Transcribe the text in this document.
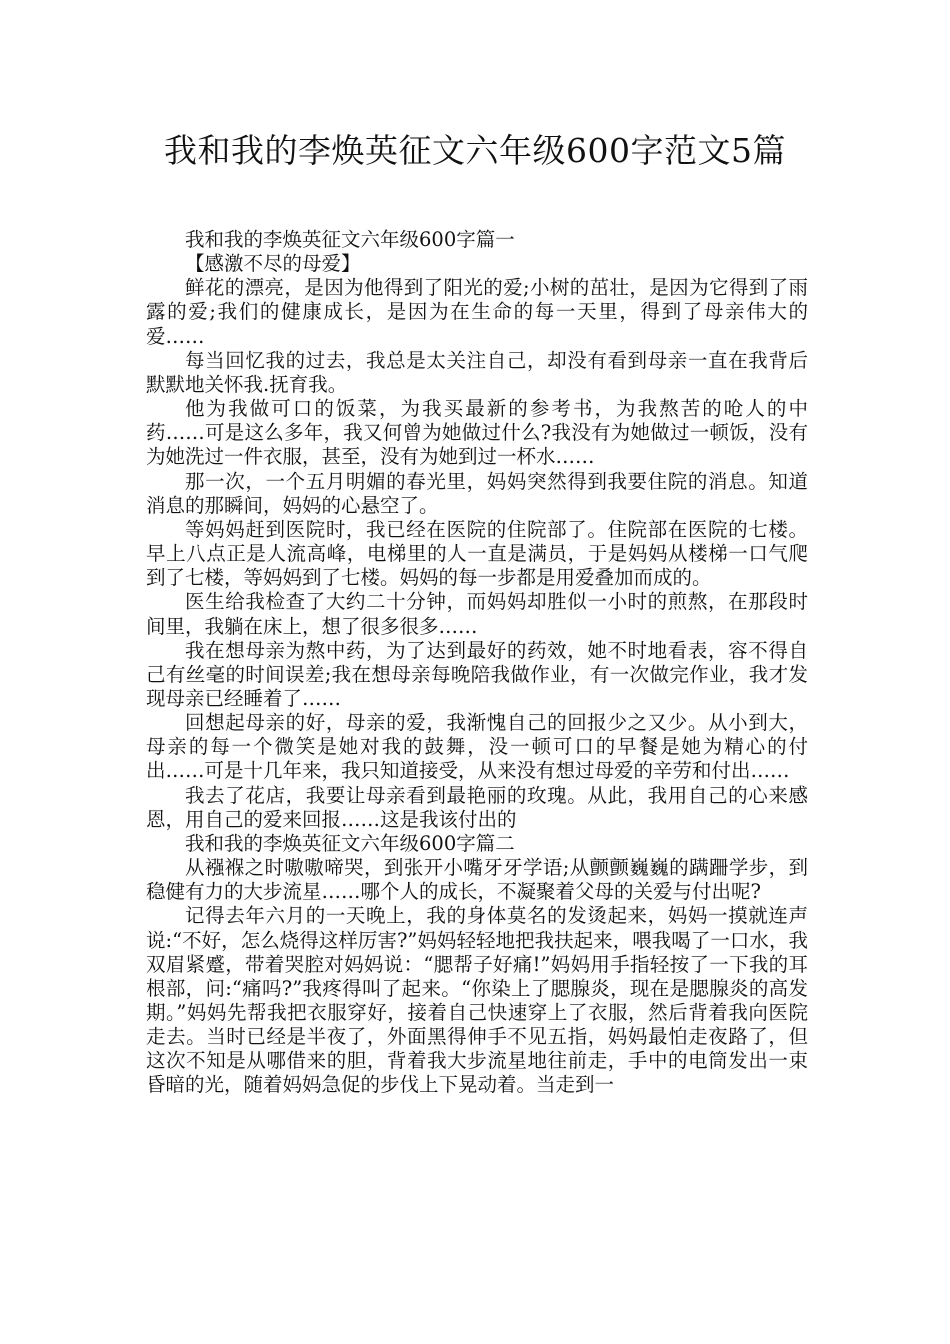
我和我的李焕英征文六年级600字范文5篇

我和我的李焕英征文六年级600字篇一

【感激不尽的母爱】

鲜花的漂亮，是因为他得到了阳光的爱;小树的茁壮，是因为它得到了雨露的爱;我们的健康成长，是因为在生命的每一天里，得到了母亲伟大的爱……

每当回忆我的过去，我总是太关注自己，却没有看到母亲一直在我背后默默地关怀我.抚育我。

他为我做可口的饭菜，为我买最新的参考书，为我熬苦的呛人的中药……可是这么多年，我又何曾为她做过什么?我没有为她做过一顿饭，没有为她洗过一件衣服，甚至，没有为她到过一杯水……

那一次，一个五月明媚的春光里，妈妈突然得到我要住院的消息。知道消息的那瞬间，妈妈的心悬空了。

等妈妈赶到医院时，我已经在医院的住院部了。住院部在医院的七楼。早上八点正是人流高峰，电梯里的人一直是满员，于是妈妈从楼梯一口气爬到了七楼，等妈妈到了七楼。妈妈的每一步都是用爱叠加而成的。

医生给我检查了大约二十分钟，而妈妈却胜似一小时的煎熬，在那段时间里，我躺在床上，想了很多很多……

我在想母亲为熬中药，为了达到最好的药效，她不时地看表，容不得自己有丝毫的时间误差;我在想母亲每晚陪我做作业，有一次做完作业，我才发现母亲已经睡着了……

回想起母亲的好，母亲的爱，我渐愧自己的回报少之又少。从小到大，母亲的每一个微笑是她对我的鼓舞，没一顿可口的早餐是她为精心的付出……可是十几年来，我只知道接受，从来没有想过母爱的辛劳和付出……

我去了花店，我要让母亲看到最艳丽的玫瑰。从此，我用自己的心来感恩，用自己的爱来回报……这是我该付出的

我和我的李焕英征文六年级600字篇二

从襁褓之时嗷嗷啼哭，到张开小嘴牙牙学语;从颤颤巍巍的蹒跚学步，到稳健有力的大步流星……哪个人的成长，不凝聚着父母的关爱与付出呢?

记得去年六月的一天晚上，我的身体莫名的发烫起来，妈妈一摸就连声说:“不好，怎么烧得这样厉害?”妈妈轻轻地把我扶起来，喂我喝了一口水，我双眉紧蹙，带着哭腔对妈妈说：“腮帮子好痛!”妈妈用手指轻按了一下我的耳根部，问:“痛吗?”我疼得叫了起来。“你染上了腮腺炎，现在是腮腺炎的高发期。”妈妈先帮我把衣服穿好，接着自己快速穿上了衣服，然后背着我向医院走去。当时已经是半夜了，外面黑得伸手不见五指，妈妈最怕走夜路了，但这次不知是从哪借来的胆，背着我大步流星地往前走，手中的电筒发出一束昏暗的光，随着妈妈急促的步伐上下晃动着。当走到一
